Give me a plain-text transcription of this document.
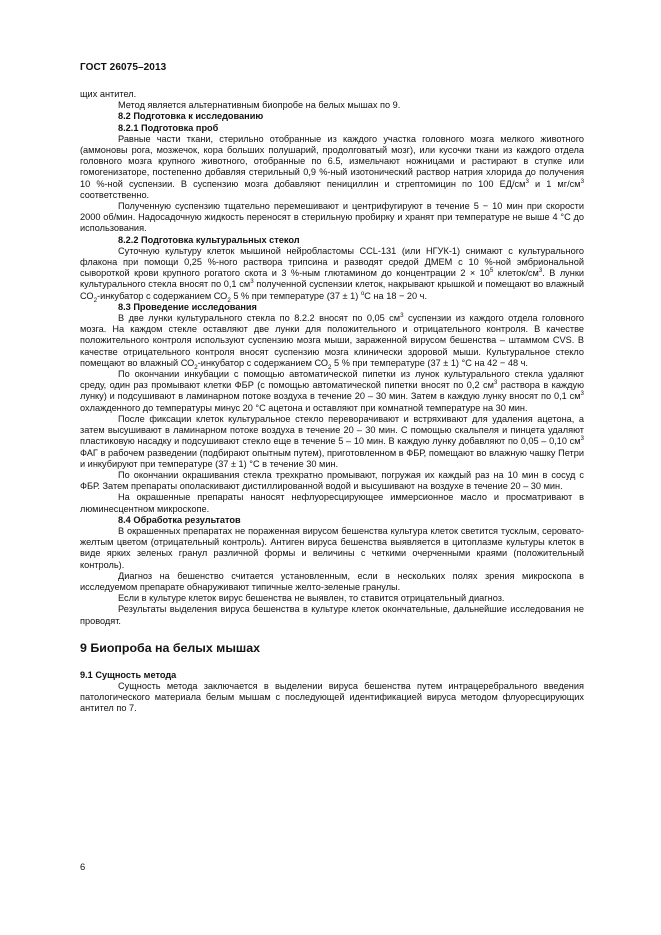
ГОСТ 26075–2013
щих антител.
Метод является альтернативным биопробе на белых мышах по 9.
8.2 Подготовка к исследованию
8.2.1 Подготовка проб
Равные части ткани, стерильно отобранные из каждого участка головного мозга мелкого животного (аммоновы рога, мозжечок, кора больших полушарий, продолговатый мозг), или кусочки ткани из каждого отдела головного мозга крупного животного, отобранные по 6.5, измельчают ножницами и растирают в ступке или гомогенизаторе, постепенно добавляя стерильный 0,9 %-ный изотонический раствор натрия хлорида до получения 10 %-ной суспензии. В суспензию мозга добавляют пенициллин и стрептомицин по 100 $ЕД/см^3$ и 1 $мг/см^3$ соответственно.
Полученную суспензию тщательно перемешивают и центрифугируют в течение 5 − 10 мин при скорости 2000 об/мин. Надосадочную жидкость переносят в стерильную пробирку и хранят при температуре не выше 4 °С до использования.
8.2.2 Подготовка культуральных стекол
Суточную культуру клеток мышиной нейробластомы CCL-131 (или НГУК-1) снимают с культурального флакона при помощи 0,25 %-ного раствора трипсина и разводят средой ДМЕМ с 10 %-ной эмбриональной сывороткой крови крупного рогатого скота и 3 %-ным глютамином до концентрации $2 \times 10^5$ клеток/$см^3$. В лунки культурального стекла вносят по 0,1 $см^3$ полученной суспензии клеток, накрывают крышкой и помещают во влажный $СО_2$-инкубатор с содержанием $СО_2$ 5 % при температуре (37 ± 1) $^о$С на 18 − 20 ч.
8.3 Проведение исследования
В две лунки культурального стекла по 8.2.2 вносят по 0,05 $см^3$ суспензии из каждого отдела головного мозга. На каждом стекле оставляют две лунки для положительного и отрицательного контроля. В качестве положительного контроля используют суспензию мозга мыши, зараженной вирусом бешенства – штаммом CVS. В качестве отрицательного контроля вносят суспензию мозга клинически здоровой мыши. Культуральное стекло помещают во влажный $СО_2$-инкубатор с содержанием $СО_2$ 5 % при температуре (37 ± 1) °С на 42 − 48 ч.
По окончании инкубации с помощью автоматической пипетки из лунок культурального стекла удаляют среду, один раз промывают клетки ФБР (с помощью автоматической пипетки вносят по 0,2 $см^3$ раствора в каждую лунку) и подсушивают в ламинарном потоке воздуха в течение 20 – 30 мин. Затем в каждую лунку вносят по 0,1 $см^3$ охлажденного до температуры минус 20 °С ацетона и оставляют при комнатной температуре на 30 мин.
После фиксации клеток культуральное стекло переворачивают и встряхивают для удаления ацетона, а затем высушивают в ламинарном потоке воздуха в течение 20 – 30 мин. С помощью скальпеля и пинцета удаляют пластиковую насадку и подсушивают стекло еще в течение 5 – 10 мин. В каждую лунку добавляют по 0,05 – 0,10 $см^3$ ФАГ в рабочем разведении (подбирают опытным путем), приготовленном в ФБР, помещают во влажную чашку Петри и инкубируют при температуре (37 ± 1) °С в течение 30 мин.
По окончании окрашивания стекла трехкратно промывают, погружая их каждый раз на 10 мин в сосуд с ФБР. Затем препараты ополаскивают дистиллированной водой и высушивают на воздухе в течение 20 – 30 мин.
На окрашенные препараты наносят нефлуоресцирующее иммерсионное масло и просматривают в люминесцентном микроскопе.
8.4 Обработка результатов
В окрашенных препаратах не пораженная вирусом бешенства культура клеток светится тусклым, серовато-желтым цветом (отрицательный контроль). Антиген вируса бешенства выявляется в цитоплазме культуры клеток в виде ярких зеленых гранул различной формы и величины с четкими очерченными краями (положительный контроль).
Диагноз на бешенство считается установленным, если в нескольких полях зрения микроскопа в исследуемом препарате обнаруживают типичные желто-зеленые гранулы.
Если в культуре клеток вирус бешенства не выявлен, то ставится отрицательный диагноз.
Результаты выделения вируса бешенства в культуре клеток окончательные, дальнейшие исследования не проводят.
9 Биопроба на белых мышах
9.1 Сущность метода
Сущность метода заключается в выделении вируса бешенства путем интрацеребрального введения патологического материала белым мышам с последующей идентификацией вируса методом флуоресцирующих антител по 7.
6
